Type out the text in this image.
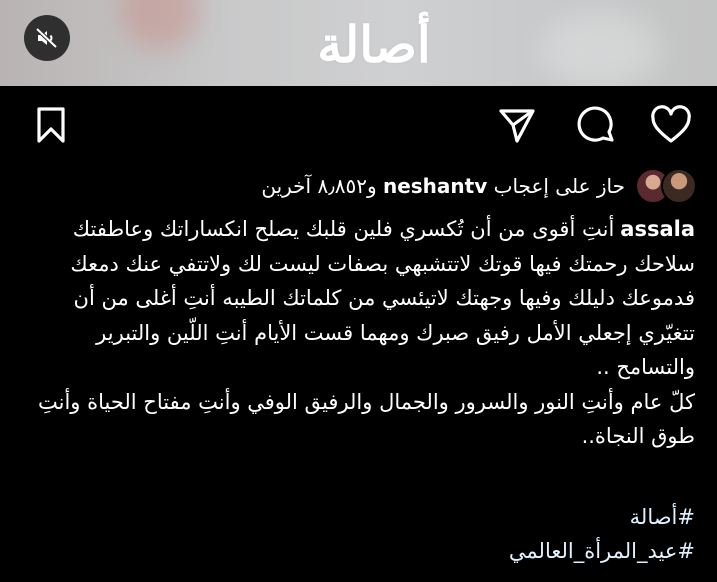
أصالة
حاز على إعجاب neshantv و٨٫٨٥٢ آخرين
assalaأنتِ أقوى من أن تُكسري فلين قلبك يصلح انكساراتك وعاطفتك سلاحك رحمتك فيها قوتك لاتتشبهي بصفات ليست لك ولاتتفي عنك دمعك فدموعك دليلك وفيها وجهتك لاتيئسي من كلماتك الطيبه أنتِ أغلى من أن تتغيّري إجعلي الأمل رفيق صبرك ومهما قست الأيام أنتِ اللّين والتبرير والتسامح ..
كلّ عام وأنتِ النور والسرور والجمال والرفيق الوفي وأنتِ مفتاح الحياة وأنتِ طوق النجاة..
#أصالة
#عيد_المرأة_العالمي
